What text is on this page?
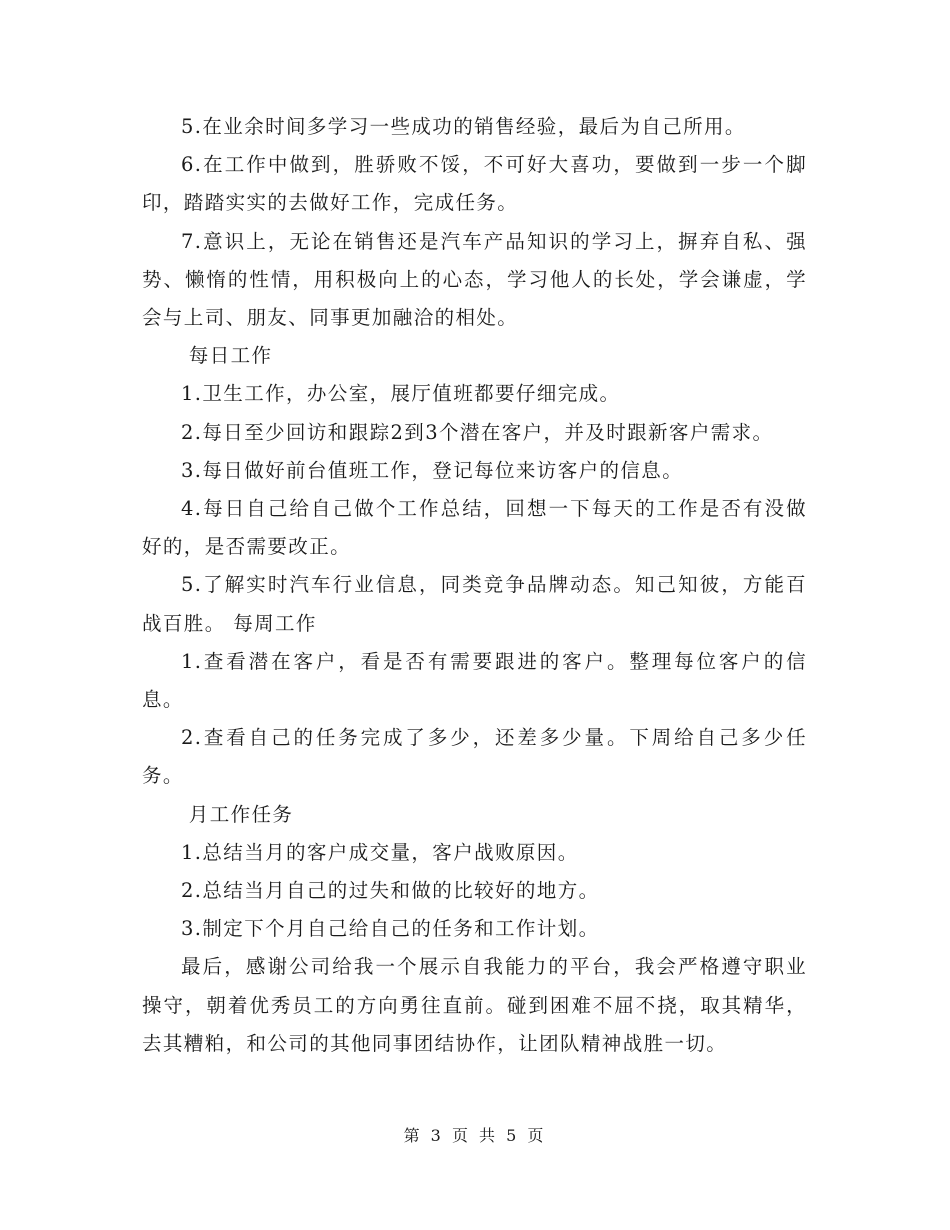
5.在业余时间多学习一些成功的销售经验，最后为自己所用。

6.在工作中做到，胜骄败不馁，不可好大喜功，要做到一步一个脚印，踏踏实实的去做好工作，完成任务。

7.意识上，无论在销售还是汽车产品知识的学习上，摒弃自私、强势、懒惰的性情，用积极向上的心态，学习他人的长处，学会谦虚，学会与上司、朋友、同事更加融洽的相处。

每日工作

1.卫生工作，办公室，展厅值班都要仔细完成。

2.每日至少回访和跟踪2到3个潜在客户，并及时跟新客户需求。

3.每日做好前台值班工作，登记每位来访客户的信息。

4.每日自己给自己做个工作总结，回想一下每天的工作是否有没做好的，是否需要改正。

5.了解实时汽车行业信息，同类竞争品牌动态。知己知彼，方能百战百胜。 每周工作

1.查看潜在客户，看是否有需要跟进的客户。整理每位客户的信息。

2.查看自己的任务完成了多少，还差多少量。下周给自己多少任务。

月工作任务

1.总结当月的客户成交量，客户战败原因。

2.总结当月自己的过失和做的比较好的地方。

3.制定下个月自己给自己的任务和工作计划。

最后，感谢公司给我一个展示自我能力的平台，我会严格遵守职业操守，朝着优秀员工的方向勇往直前。碰到困难不屈不挠，取其精华，去其糟粕，和公司的其他同事团结协作，让团队精神战胜一切。

第 3 页 共 5 页
